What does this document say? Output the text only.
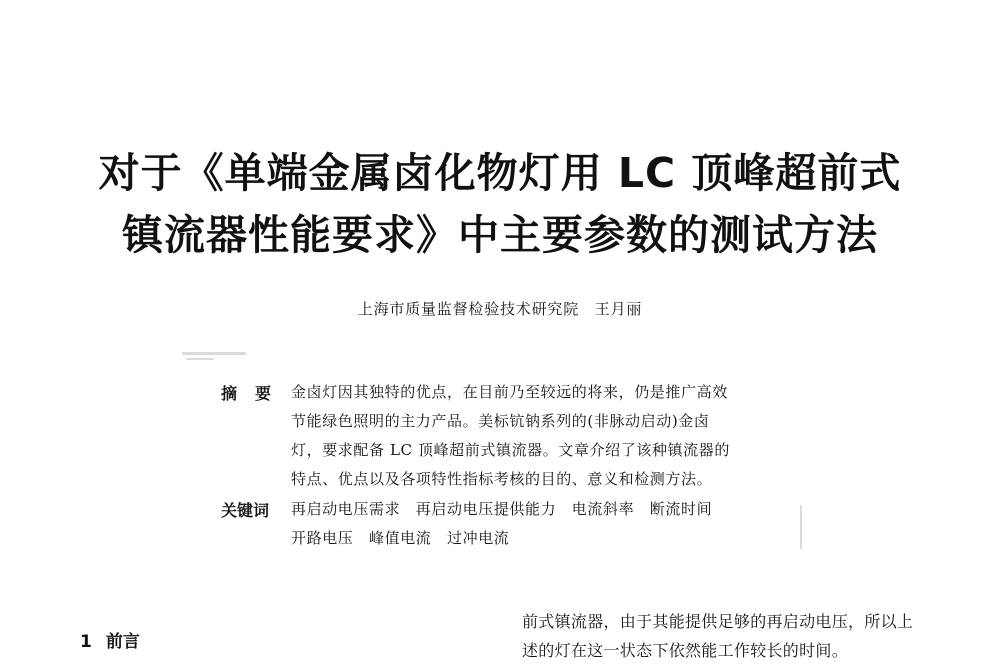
对于《单端金属卤化物灯用 LC 顶峰超前式
镇流器性能要求》中主要参数的测试方法
上海市质量监督检验技术研究院　王月丽
摘要 金卤灯因其独特的优点，在目前乃至较远的将来，仍是推广高效
节能绿色照明的主力产品。美标钪钠系列的(非脉动启动)金卤
灯，要求配备 LC 顶峰超前式镇流器。文章介绍了该种镇流器的
特点、优点以及各项特性指标考核的目的、意义和检测方法。
关键词 再启动电压需求　再启动电压提供能力　电流斜率　断流时间
开路电压　峰值电流　过冲电流
1 前言
前式镇流器，由于其能提供足够的再启动电压，所以上
述的灯在这一状态下依然能工作较长的时间。
